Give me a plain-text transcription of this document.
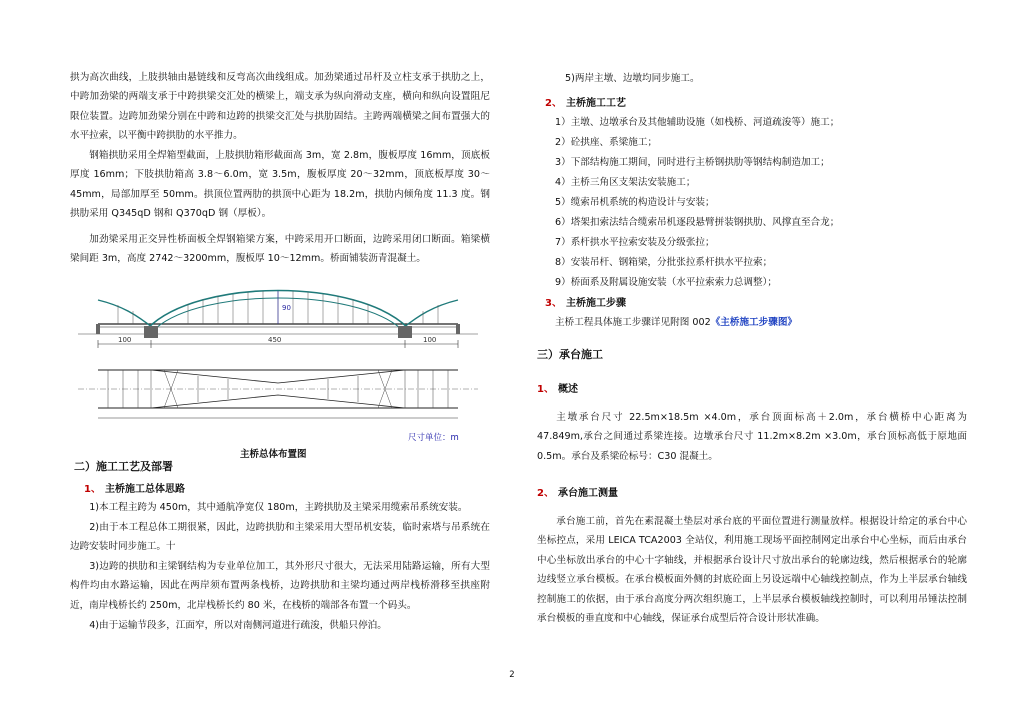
拱为高次曲线，上肢拱轴由悬链线和反弯高次曲线组成。加劲梁通过吊杆及立柱支承于拱肋之上，中跨加劲梁的两端支承于中跨拱梁交汇处的横梁上，端支承为纵向滑动支座，横向和纵向设置阻尼限位装置。边跨加劲梁分别在中跨和边跨的拱梁交汇处与拱肋固结。主跨两端横梁之间布置强大的水平拉索，以平衡中跨拱肋的水平推力。

钢箱拱肋采用全焊箱型截面，上肢拱肋箱形截面高 3m，宽 2.8m，腹板厚度 16mm，顶底板厚度 16mm；下肢拱肋箱高 3.8～6.0m，宽 3.5m，腹板厚度 20～32mm，顶底板厚度 30～45mm，局部加厚至 50mm。拱顶位置两肋的拱顶中心距为 18.2m，拱肋内倾角度 11.3 度。钢拱肋采用 Q345qD 钢和 Q370qD 钢（厚板）。

加劲梁采用正交异性桥面板全焊钢箱梁方案，中跨采用开口断面，边跨采用闭口断面。箱梁横梁间距 3m，高度 2742～3200mm，腹板厚 10～12mm。桥面铺装沥青混凝土。

90
100	450	100
尺寸单位：m
主桥总体布置图
二）施工工艺及部署
1、 主桥施工总体思路

1)本工程主跨为 450m，其中通航净宽仅 180m，主跨拱肋及主梁采用缆索吊系统安装。

2)由于本工程总体工期很紧，因此，边跨拱肋和主梁采用大型吊机安装，临时索塔与吊系统在边跨安装时同步施工。十

3)边跨的拱肋和主梁钢结构为专业单位加工，其外形尺寸很大，无法采用陆路运输，所有大型构件均由水路运输，因此在两岸须布置两条栈桥，边跨拱肋和主梁均通过两岸栈桥滑移至拱座附近，南岸栈桥长约 250m，北岸栈桥长约 80 米，在栈桥的端部各布置一个码头。

4)由于运输节段多，江面窄，所以对南侧河道进行疏浚，供船只停泊。

5)两岸主墩、边墩均同步施工。

2、 主桥施工工艺

1）主墩、边墩承台及其他辅助设施（如栈桥、河道疏浚等）施工；

2）砼拱座、系梁施工；

3）下部结构施工期间，同时进行主桥钢拱肋等钢结构制造加工；

4）主桥三角区支架法安装施工；

5）缆索吊机系统的构造设计与安装；

6）塔架扣索法结合缆索吊机逐段悬臂拼装钢拱肋、风撑直至合龙；

7）系杆拱水平拉索安装及分级张拉；

8）安装吊杆、钢箱梁，分批张拉系杆拱水平拉索；

9）桥面系及附属设施安装（水平拉索索力总调整）；

3、 主桥施工步骤

主桥工程具体施工步骤详见附图 002《主桥施工步骤图》

三）承台施工
1、 概述

主墩承台尺寸 22.5m×18.5m ×4.0m，承台顶面标高＋2.0m，承台横桥中心距离为 47.849m,承台之间通过系梁连接。边墩承台尺寸 11.2m×8.2m ×3.0m，承台顶标高低于原地面 0.5m。承台及系梁砼标号：C30 混凝土。

2、 承台施工测量

承台施工前，首先在素混凝土垫层对承台底的平面位置进行测量放样。根据设计给定的承台中心坐标控点，采用 LEICA TCA2003 全站仪，利用施工现场平面控制网定出承台中心坐标，而后由承台中心坐标放出承台的中心十字轴线，并根据承台设计尺寸放出承台的轮廓边线，然后根据承台的轮廓边线竖立承台模板。在承台模板面外侧的封底砼面上另设远端中心轴线控制点，作为上半层承台轴线控制施工的依据，由于承台高度分两次组织施工，上半层承台模板轴线控制时，可以利用吊锤法控制承台模板的垂直度和中心轴线，保证承台成型后符合设计形状准确。

2
